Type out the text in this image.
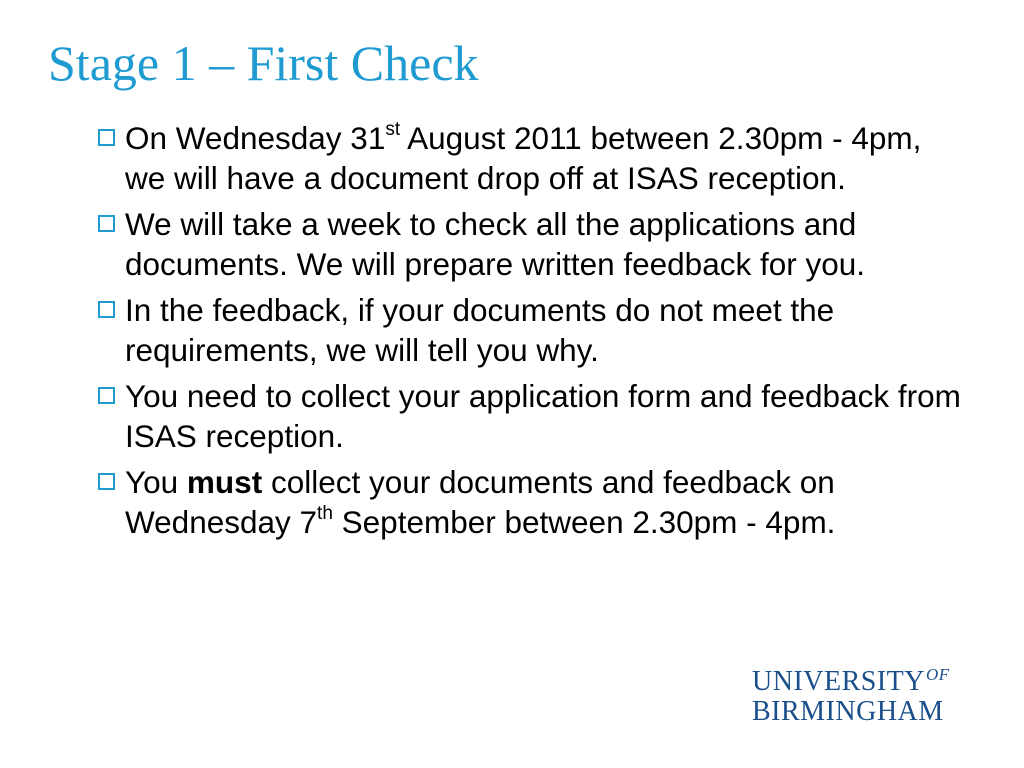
Stage 1 – First Check
On Wednesday 31st August 2011 between 2.30pm - 4pm, we will have a document drop off at ISAS reception.
We will take a week to check all the applications and documents. We will prepare written feedback for you.
In the feedback, if your documents do not meet the requirements, we will tell you why.
You need to collect your application form and feedback from ISAS reception.
You must collect your documents and feedback on Wednesday 7th September between 2.30pm - 4pm.
$UNIVERSITY^{OF}$
BIRMINGHAM
